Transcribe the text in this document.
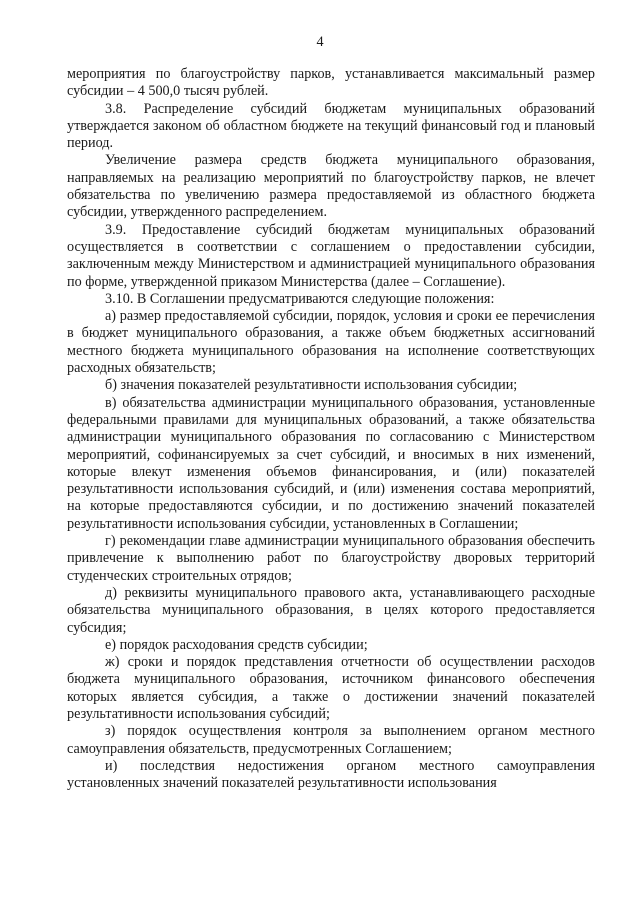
4

мероприятия по благоустройству парков, устанавливается максимальный размер субсидии – 4 500,0 тысяч рублей.

3.8. Распределение субсидий бюджетам муниципальных образований утверждается законом об областном бюджете на текущий финансовый год и плановый период.

Увеличение размера средств бюджета муниципального образования, направляемых на реализацию мероприятий по благоустройству парков, не влечет обязательства по увеличению размера предоставляемой из областного бюджета субсидии, утвержденного распределением.

3.9. Предоставление субсидий бюджетам муниципальных образований осуществляется в соответствии с соглашением о предоставлении субсидии, заключенным между Министерством и администрацией муниципального образования по форме, утвержденной приказом Министерства (далее – Соглашение).

3.10. В Соглашении предусматриваются следующие положения:

а) размер предоставляемой субсидии, порядок, условия и сроки ее перечисления в бюджет муниципального образования, а также объем бюджетных ассигнований местного бюджета муниципального образования на исполнение соответствующих расходных обязательств;

б) значения показателей результативности использования субсидии;

в) обязательства администрации муниципального образования, установленные федеральными правилами для муниципальных образований, а также обязательства администрации муниципального образования по согласованию с Министерством мероприятий, софинансируемых за счет субсидий, и вносимых в них изменений, которые влекут изменения объемов финансирования, и (или) показателей результативности использования субсидий, и (или) изменения состава мероприятий, на которые предоставляются субсидии, и по достижению значений показателей результативности использования субсидии, установленных в Соглашении;

г) рекомендации главе администрации муниципального образования обеспечить привлечение к выполнению работ по благоустройству дворовых территорий студенческих строительных отрядов;

д) реквизиты муниципального правового акта, устанавливающего расходные обязательства муниципального образования, в целях которого предоставляется субсидия;

е) порядок расходования средств субсидии;

ж) сроки и порядок представления отчетности об осуществлении расходов бюджета муниципального образования, источником финансового обеспечения которых является субсидия, а также о достижении значений показателей результативности использования субсидий;

з) порядок осуществления контроля за выполнением органом местного самоуправления обязательств, предусмотренных Соглашением;

и) последствия недостижения органом местного самоуправления установленных значений показателей результативности использования
